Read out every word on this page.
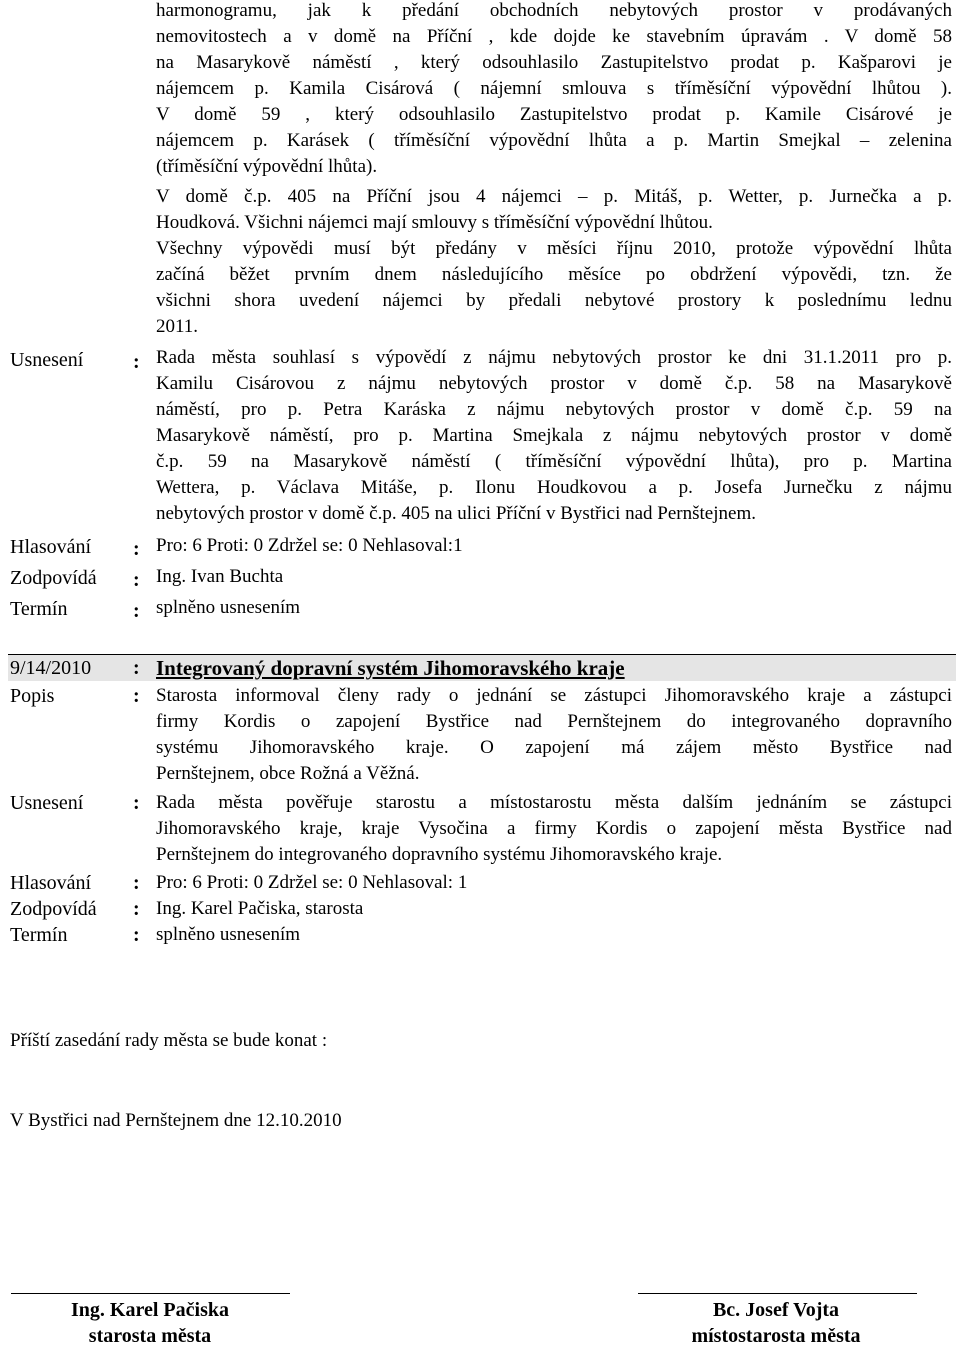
harmonogramu, jak k předání obchodních nebytových prostor v prodávaných
nemovitostech a v domě na Příční , kde dojde ke stavebním úpravám . V domě 58
na Masarykově náměstí , který odsouhlasilo Zastupitelstvo prodat p. Kašparovi je
nájemcem p. Kamila Cisárová ( nájemní smlouva s tříměsíční výpovědní lhůtou ).
V domě 59 , který odsouhlasilo Zastupitelstvo prodat p. Kamile Cisárové je
nájemcem p. Karásek ( tříměsíční výpovědní lhůta a p. Martin Smejkal – zelenina
(tříměsíční výpovědní lhůta).
V domě č.p. 405 na Příční jsou 4 nájemci – p. Mitáš, p. Wetter, p. Jurnečka a p.
Houdková. Všichni nájemci mají smlouvy s tříměsíční výpovědní lhůtou.
Všechny výpovědi musí být předány v měsíci říjnu 2010, protože výpovědní lhůta
začíná běžet prvním dnem následujícího měsíce po obdržení výpovědi, tzn. že
všichni shora uvedení nájemci by předali nebytové prostory k poslednímu lednu
2011.
Usnesení : Rada města souhlasí s výpovědí z nájmu nebytových prostor ke dni 31.1.2011 pro p.
Kamilu Cisárovou z nájmu nebytových prostor v domě č.p. 58 na Masarykově
náměstí, pro p. Petra Karáska z nájmu nebytových prostor v domě č.p. 59 na
Masarykově náměstí, pro p. Martina Smejkala z nájmu nebytových prostor v domě
č.p. 59 na Masarykově náměstí ( tříměsíční výpovědní lhůta), pro p. Martina
Wettera, p. Václava Mitáše, p. Ilonu Houdkovou a p. Josefa Jurnečku z nájmu
nebytových prostor v domě č.p. 405 na ulici Příční v Bystřici nad Pernštejnem.
Hlasování : Pro: 6 Proti: 0 Zdržel se: 0 Nehlasoval:1
Zodpovídá : Ing. Ivan Buchta
Termín	: splněno usnesením
9/14/2010 : Integrovaný dopravní systém Jihomoravského kraje
Popis	: Starosta informoval členy rady o jednání se zástupci Jihomoravského kraje a zástupci
firmy Kordis o zapojení Bystřice nad Pernštejnem do integrovaného dopravního
systému Jihomoravského kraje. O zapojení má zájem město Bystřice nad
Pernštejnem, obce Rožná a Věžná.
Usnesení : Rada města pověřuje starostu a místostarostu města dalším jednáním se zástupci
Jihomoravského kraje, kraje Vysočina a firmy Kordis o zapojení města Bystřice nad
Pernštejnem do integrovaného dopravního systému Jihomoravského kraje.
Hlasování : Pro: 6 Proti: 0 Zdržel se: 0 Nehlasoval: 1
Zodpovídá : Ing. Karel Pačiska, starosta
Termín	: splněno usnesením
Příští zasedání rady města se bude konat :
V Bystřici nad Pernštejnem dne 12.10.2010
Ing. Karel Pačiska
starosta města
Bc. Josef Vojta
místostarosta města
